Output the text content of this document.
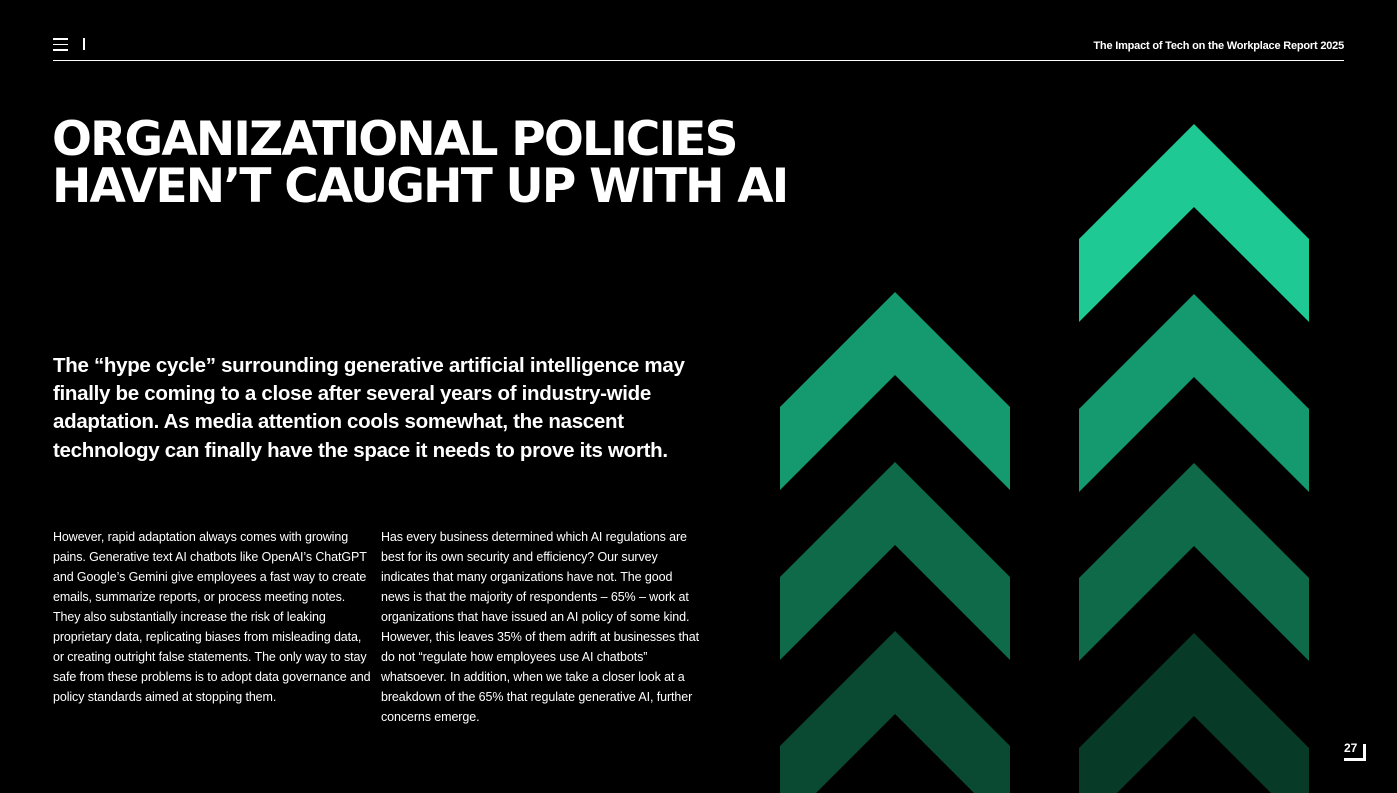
The Impact of Tech on the Workplace Report 2025
ORGANIZATIONAL POLICIES
HAVEN’T CAUGHT UP WITH AI

The “hype cycle” surrounding generative artificial intelligence may finally be coming to a close after several years of industry-wide adaptation. As media attention cools somewhat, the nascent technology can finally have the space it needs to prove its worth.

However, rapid adaptation always comes with growing pains. Generative text AI chatbots like OpenAI’s ChatGPT and Google’s Gemini give employees a fast way to create emails, summarize reports, or process meeting notes. They also substantially increase the risk of leaking proprietary data, replicating biases from misleading data, or creating outright false statements. The only way to stay safe from these problems is to adopt data governance and policy standards aimed at stopping them.

Has every business determined which AI regulations are best for its own security and efficiency? Our survey indicates that many organizations have not. The good news is that the majority of respondents – 65% – work at organizations that have issued an AI policy of some kind. However, this leaves 35% of them adrift at businesses that do not “regulate how employees use AI chatbots” whatsoever. In addition, when we take a closer look at a breakdown of the 65% that regulate generative AI, further concerns emerge.

27
